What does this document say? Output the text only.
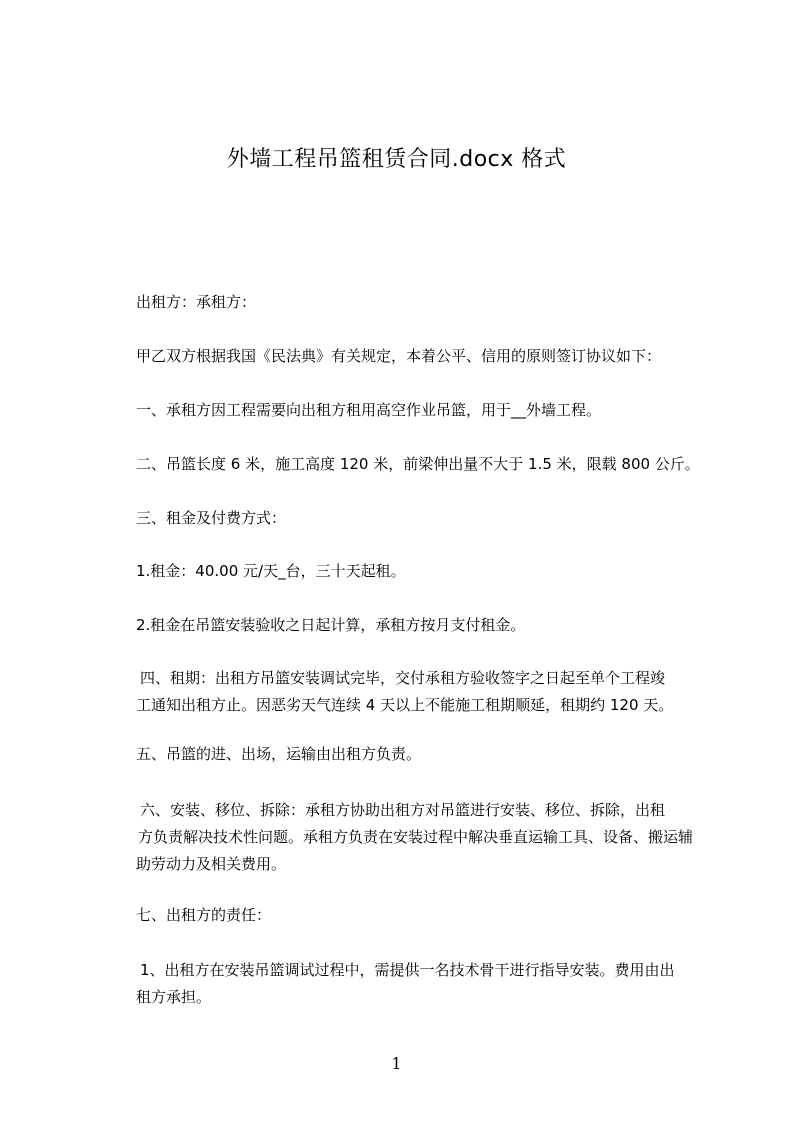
外墙工程吊篮租赁合同.docx 格式
出租方：承租方：
甲乙双方根据我国《民法典》有关规定，本着公平、信用的原则签订协议如下：
一、承租方因工程需要向出租方租用高空作业吊篮，用于__外墙工程。
二、吊篮长度 6 米，施工高度 120 米，前梁伸出量不大于 1.5 米，限载 800 公斤。
三、租金及付费方式：
1.租金：40.00 元/天_台，三十天起租。
2.租金在吊篮安装验收之日起计算，承租方按月支付租金。
四、租期：出租方吊篮安装调试完毕，交付承租方验收签字之日起至单个工程竣
工通知出租方止。因恶劣天气连续 4 天以上不能施工租期顺延，租期约 120 天。
五、吊篮的进、出场，运输由出租方负责。
六、安装、移位、拆除：承租方协助出租方对吊篮进行安装、移位、拆除，出租
方负责解决技术性问题。承租方负责在安装过程中解决垂直运输工具、设备、搬运辅
助劳动力及相关费用。
七、出租方的责任：
1、出租方在安装吊篮调试过程中，需提供一名技术骨干进行指导安装。费用由出
租方承担。
1
